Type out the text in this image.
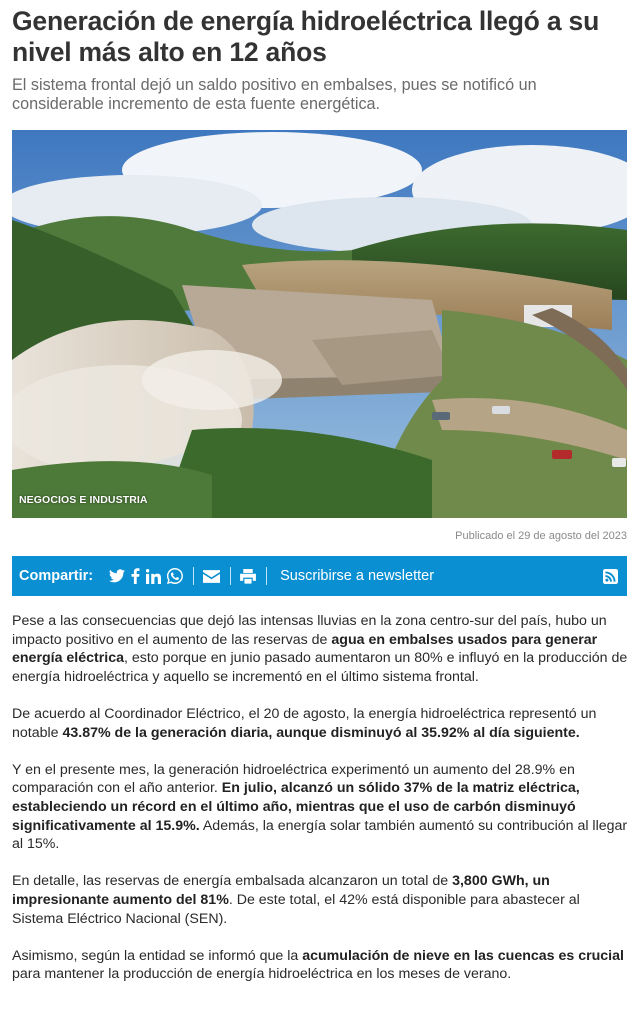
Generación de energía hidroeléctrica llegó a su nivel más alto en 12 años

El sistema frontal dejó un saldo positivo en embalses, pues se notificó un considerable incremento de esta fuente energética.

NEGOCIOS E INDUSTRIA
Publicado el 29 de agosto del 2023
Compartir:	Suscribirse a newsletter

Pese a las consecuencias que dejó las intensas lluvias en la zona centro-sur del país, hubo un impacto positivo en el aumento de las reservas de agua en embalses usados para generar energía eléctrica, esto porque en junio pasado aumentaron un 80% e influyó en la producción de energía hidroeléctrica y aquello se incrementó en el último sistema frontal.

De acuerdo al Coordinador Eléctrico, el 20 de agosto, la energía hidroeléctrica representó un notable 43.87% de la generación diaria, aunque disminuyó al 35.92% al día siguiente.

Y en el presente mes, la generación hidroeléctrica experimentó un aumento del 28.9% en comparación con el año anterior. En julio, alcanzó un sólido 37% de la matriz eléctrica, estableciendo un récord en el último año, mientras que el uso de carbón disminuyó significativamente al 15.9%. Además, la energía solar también aumentó su contribución al llegar al 15%.

En detalle, las reservas de energía embalsada alcanzaron un total de 3,800 GWh, un impresionante aumento del 81%. De este total, el 42% está disponible para abastecer al Sistema Eléctrico Nacional (SEN).

Asimismo, según la entidad se informó que la acumulación de nieve en las cuencas es crucial para mantener la producción de energía hidroeléctrica en los meses de verano.
